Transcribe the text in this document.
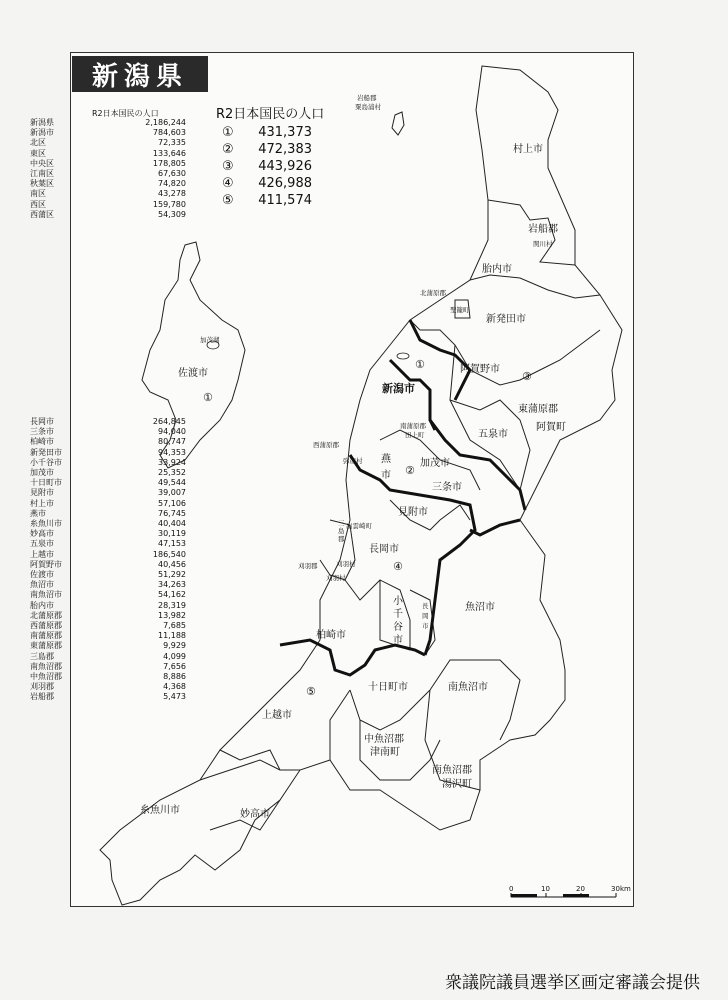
新潟県
R2日本国民の人口
新潟県	2,186,244
新潟市	784,603
北区	72,335
東区	133,646
中央区	178,805
江南区	67,630
秋葉区	74,820
南区	43,278
西区	159,780
西蒲区	54,309
長岡市	264,845
三条市	94,040
柏崎市	80,747
新発田市	94,353
小千谷市	33,924
加茂市	25,352
十日町市	49,544
見附市	39,007
村上市	57,106
燕市	76,745
糸魚川市	40,404
妙高市	30,119
五泉市	47,153
上越市	186,540
阿賀野市	40,456
佐渡市	51,292
魚沼市	34,263
南魚沼市	54,162
胎内市	28,319
北蒲原郡	13,982
西蒲原郡	7,685
南蒲原郡	11,188
東蒲原郡	9,929
三島郡	4,099
南魚沼郡	7,656
中魚沼郡	8,886
刈羽郡	4,368
岩船郡	5,473
R2日本国民の人口
①	431,373
②	472,383
③	443,926
④	426,988
⑤	411,574
岩船郡
粟島浦村
村上市
岩船郡
関川村
胎内市
北蒲原郡
聖籠町
新発田市
新潟市
阿賀野市
東蒲原郡
阿賀町
五泉市
佐渡市
加茂湖
西蒲原郡
弥彦村
南蒲原郡
田上町
燕
市
加茂市
三条市
見附市
三
島
郡
出雲崎町
刈羽郡	刈羽村
刈羽村
長岡市
小
千
谷
市
長
岡
市
魚沼市
柏崎市
十日町市	南魚沼市
上越市
中魚沼郡
津南町
南魚沼郡
湯沢町
糸魚川市	妙高市
①
①
②
③
④
⑤
0	10	20	30 km
衆議院議員選挙区画定審議会提供
